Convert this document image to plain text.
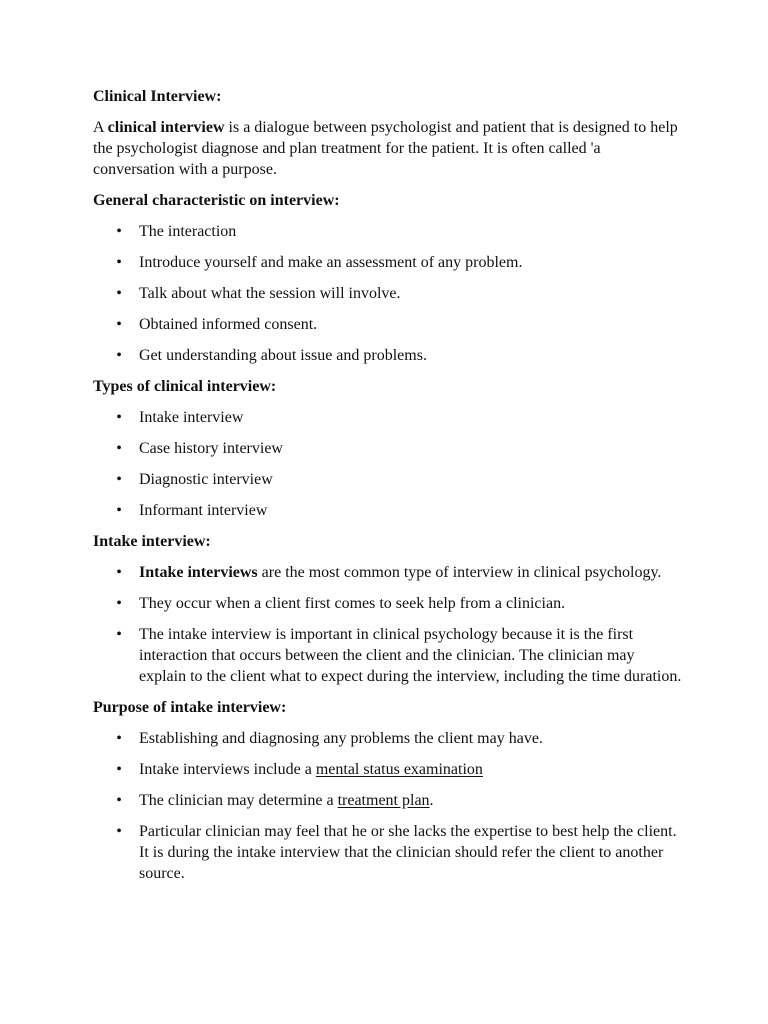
Clinical Interview:
A clinical interview is a dialogue between psychologist and patient that is designed to help the psychologist diagnose and plan treatment for the patient. It is often called 'a conversation with a purpose.
General characteristic on interview:
• The interaction
• Introduce yourself and make an assessment of any problem.
• Talk about what the session will involve.
• Obtained informed consent.
• Get understanding about issue and problems.
Types of clinical interview:
• Intake interview
• Case history interview
• Diagnostic interview
• Informant interview
Intake interview:
• Intake interviews are the most common type of interview in clinical psychology.
• They occur when a client first comes to seek help from a clinician.
• The intake interview is important in clinical psychology because it is the first interaction that occurs between the client and the clinician. The clinician may explain to the client what to expect during the interview, including the time duration.
Purpose of intake interview:
• Establishing and diagnosing any problems the client may have.
• Intake interviews include a mental status examination
• The clinician may determine a treatment plan.
• Particular clinician may feel that he or she lacks the expertise to best help the client. It is during the intake interview that the clinician should refer the client to another source.
